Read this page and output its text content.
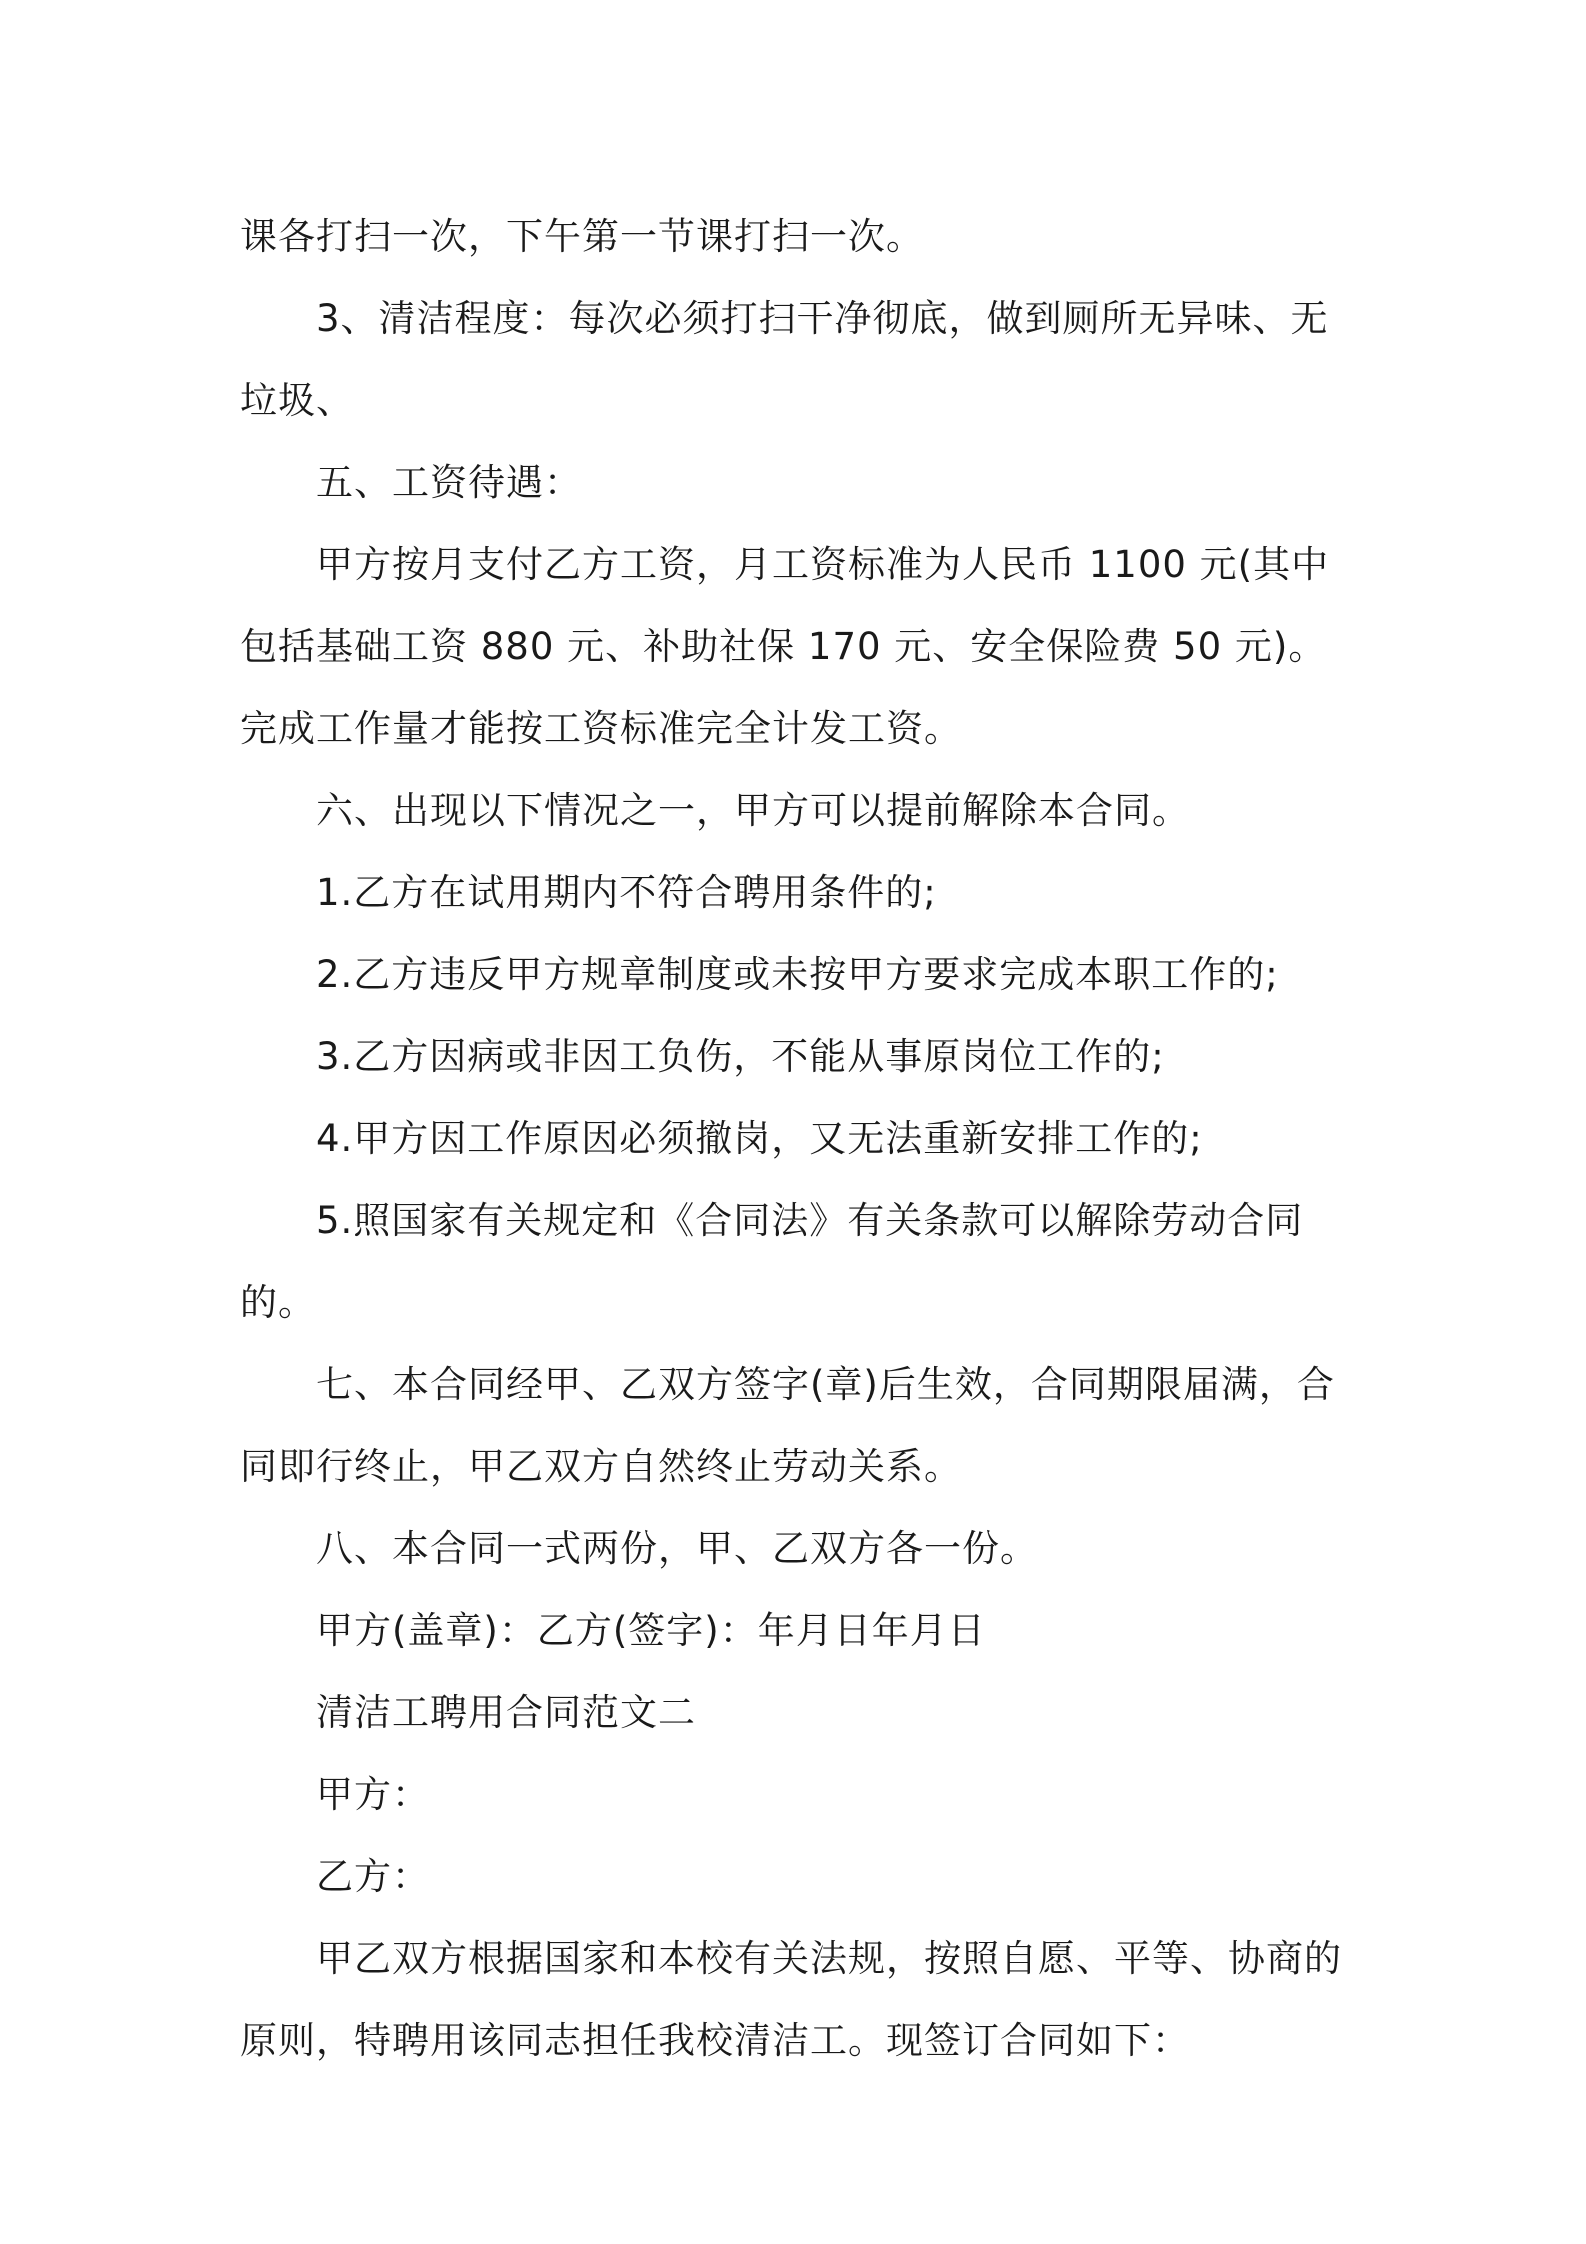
课各打扫一次，下午第一节课打扫一次。

3、清洁程度：每次必须打扫干净彻底，做到厕所无异味、无垃圾、

五、工资待遇：

甲方按月支付乙方工资，月工资标准为人民币 1100 元(其中包括基础工资 880 元、补助社保 170 元、安全保险费 50 元)。完成工作量才能按工资标准完全计发工资。

六、出现以下情况之一，甲方可以提前解除本合同。

1.乙方在试用期内不符合聘用条件的;

2.乙方违反甲方规章制度或未按甲方要求完成本职工作的;

3.乙方因病或非因工负伤，不能从事原岗位工作的;

4.甲方因工作原因必须撤岗，又无法重新安排工作的;

5.照国家有关规定和《合同法》有关条款可以解除劳动合同的。

七、本合同经甲、乙双方签字(章)后生效，合同期限届满，合同即行终止，甲乙双方自然终止劳动关系。

八、本合同一式两份，甲、乙双方各一份。

甲方(盖章)：乙方(签字)：年月日年月日

清洁工聘用合同范文二

甲方：

乙方：

甲乙双方根据国家和本校有关法规，按照自愿、平等、协商的原则，特聘用该同志担任我校清洁工。现签订合同如下：
